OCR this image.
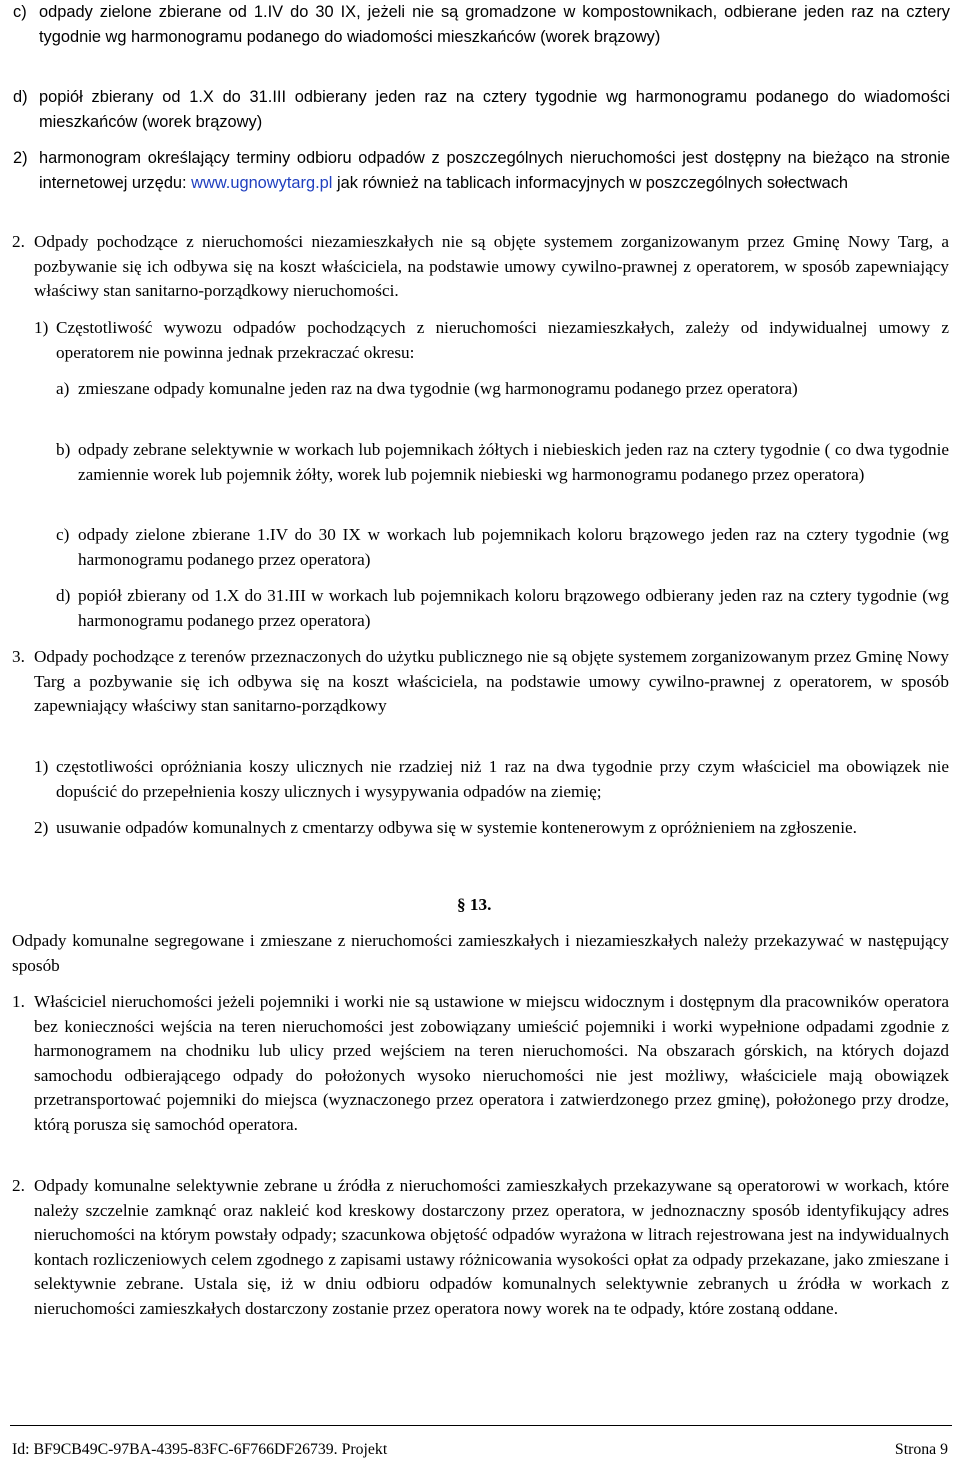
c) odpady zielone zbierane od 1.IV do 30 IX, jeżeli nie są gromadzone w kompostownikach, odbierane jeden raz na cztery tygodnie wg harmonogramu podanego do wiadomości mieszkańców (worek brązowy)
d) popiół zbierany od 1.X do 31.III odbierany jeden raz na cztery tygodnie wg harmonogramu podanego do wiadomości mieszkańców (worek brązowy)
2) harmonogram określający terminy odbioru odpadów z poszczególnych nieruchomości jest dostępny na bieżąco na stronie internetowej urzędu: www.ugnowytarg.pl jak również na tablicach informacyjnych w poszczególnych sołectwach
2. Odpady pochodzące z nieruchomości niezamieszkałych nie są objęte systemem zorganizowanym przez Gminę Nowy Targ, a pozbywanie się ich odbywa się na koszt właściciela, na podstawie umowy cywilno-prawnej z operatorem, w sposób zapewniający właściwy stan sanitarno-porządkowy nieruchomości.
1) Częstotliwość wywozu odpadów pochodzących z nieruchomości niezamieszkałych, zależy od indywidualnej umowy z operatorem nie powinna jednak przekraczać okresu:
a) zmieszane odpady komunalne jeden raz na dwa tygodnie (wg harmonogramu podanego przez operatora)
b) odpady zebrane selektywnie w workach lub pojemnikach żółtych i niebieskich jeden raz na cztery tygodnie ( co dwa tygodnie zamiennie worek lub pojemnik żółty, worek lub pojemnik niebieski wg harmonogramu podanego przez operatora)
c) odpady zielone zbierane 1.IV do 30 IX w workach lub pojemnikach koloru brązowego jeden raz na cztery tygodnie (wg harmonogramu podanego przez operatora)
d) popiół zbierany od 1.X do 31.III w workach lub pojemnikach koloru brązowego odbierany jeden raz na cztery tygodnie (wg harmonogramu podanego przez operatora)
3. Odpady pochodzące z terenów przeznaczonych do użytku publicznego nie są objęte systemem zorganizowanym przez Gminę Nowy Targ a pozbywanie się ich odbywa się na koszt właściciela, na podstawie umowy cywilno-prawnej z operatorem, w sposób zapewniający właściwy stan sanitarno-porządkowy
1) częstotliwości opróżniania koszy ulicznych nie rzadziej niż 1 raz na dwa tygodnie przy czym właściciel ma obowiązek nie dopuścić do przepełnienia koszy ulicznych i wysypywania odpadów na ziemię;
2) usuwanie odpadów komunalnych z cmentarzy odbywa się w systemie kontenerowym z opróżnieniem na zgłoszenie.
§ 13.
Odpady komunalne segregowane i zmieszane z nieruchomości zamieszkałych i niezamieszkałych należy przekazywać w następujący sposób
1. Właściciel nieruchomości jeżeli pojemniki i worki nie są ustawione w miejscu widocznym i dostępnym dla pracowników operatora bez konieczności wejścia na teren nieruchomości jest zobowiązany umieścić pojemniki i worki wypełnione odpadami zgodnie z harmonogramem na chodniku lub ulicy przed wejściem na teren nieruchomości. Na obszarach górskich, na których dojazd samochodu odbierającego odpady do położonych wysoko nieruchomości nie jest możliwy, właściciele mają obowiązek przetransportować pojemniki do miejsca (wyznaczonego przez operatora i zatwierdzonego przez gminę), położonego przy drodze, którą porusza się samochód operatora.
2. Odpady komunalne selektywnie zebrane u źródła z nieruchomości zamieszkałych przekazywane są operatorowi w workach, które należy szczelnie zamknąć oraz nakleić kod kreskowy dostarczony przez operatora, w jednoznaczny sposób identyfikujący adres nieruchomości na którym powstały odpady; szacunkowa objętość odpadów wyrażona w litrach rejestrowana jest na indywidualnych kontach rozliczeniowych celem zgodnego z zapisami ustawy różnicowania wysokości opłat za odpady przekazane, jako zmieszane i selektywnie zebrane. Ustala się, iż w dniu odbioru odpadów komunalnych selektywnie zebranych u źródła w workach z nieruchomości zamieszkałych dostarczony zostanie przez operatora nowy worek na te odpady, które zostaną oddane.
Id: BF9CB49C-97BA-4395-83FC-6F766DF26739. Projekt	Strona 9
